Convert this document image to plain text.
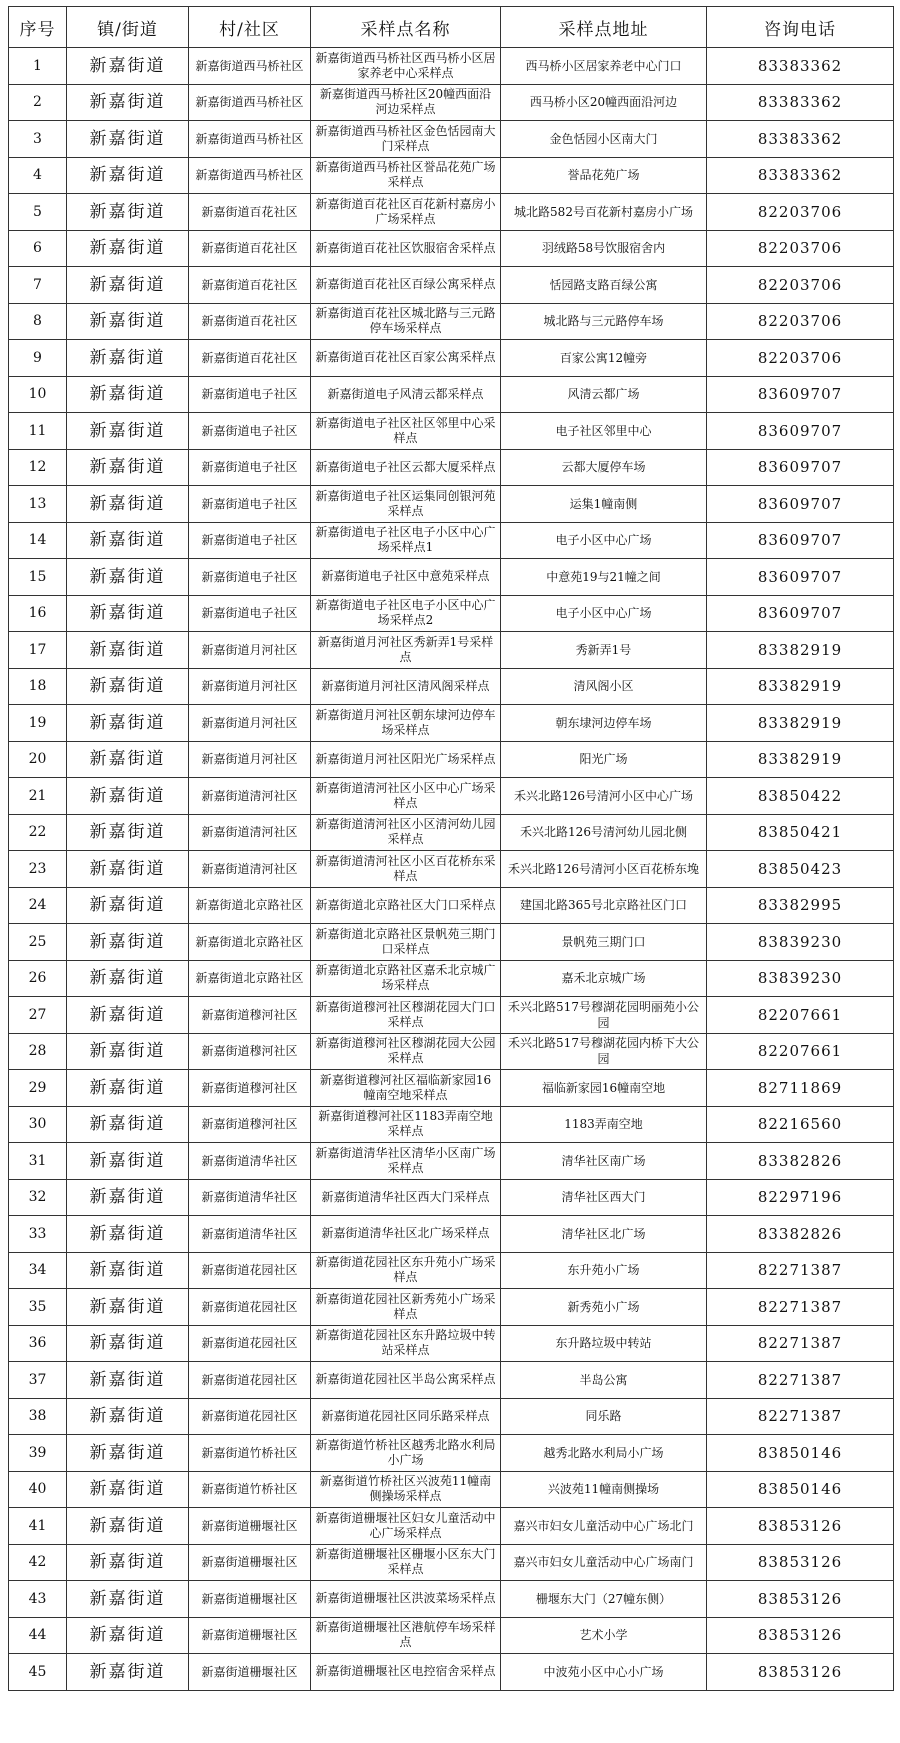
序号	镇/街道	村/社区	采样点名称	采样点地址	咨询电话
1	新嘉街道	新嘉街道西马桥社区	新嘉街道西马桥社区西马桥小区居家养老中心采样点	西马桥小区居家养老中心门口	83383362
2	新嘉街道	新嘉街道西马桥社区	新嘉街道西马桥社区20幢西面沿河边采样点	西马桥小区20幢西面沿河边	83383362
3	新嘉街道	新嘉街道西马桥社区	新嘉街道西马桥社区金色恬园南大门采样点	金色恬园小区南大门	83383362
4	新嘉街道	新嘉街道西马桥社区	新嘉街道西马桥社区誉品花苑广场采样点	誉品花苑广场	83383362
5	新嘉街道	新嘉街道百花社区	新嘉街道百花社区百花新村嘉房小广场采样点	城北路582号百花新村嘉房小广场	82203706
6	新嘉街道	新嘉街道百花社区	新嘉街道百花社区饮服宿舍采样点	羽绒路58号饮服宿舍内	82203706
7	新嘉街道	新嘉街道百花社区	新嘉街道百花社区百绿公寓采样点	恬园路支路百绿公寓	82203706
8	新嘉街道	新嘉街道百花社区	新嘉街道百花社区城北路与三元路停车场采样点	城北路与三元路停车场	82203706
9	新嘉街道	新嘉街道百花社区	新嘉街道百花社区百家公寓采样点	百家公寓12幢旁	82203706
10	新嘉街道	新嘉街道电子社区	新嘉街道电子风清云都采样点	风清云都广场	83609707
11	新嘉街道	新嘉街道电子社区	新嘉街道电子社区社区邻里中心采样点	电子社区邻里中心	83609707
12	新嘉街道	新嘉街道电子社区	新嘉街道电子社区云都大厦采样点	云都大厦停车场	83609707
13	新嘉街道	新嘉街道电子社区	新嘉街道电子社区运集同创银河苑采样点	运集1幢南侧	83609707
14	新嘉街道	新嘉街道电子社区	新嘉街道电子社区电子小区中心广场采样点1	电子小区中心广场	83609707
15	新嘉街道	新嘉街道电子社区	新嘉街道电子社区中意苑采样点	中意苑19与21幢之间	83609707
16	新嘉街道	新嘉街道电子社区	新嘉街道电子社区电子小区中心广场采样点2	电子小区中心广场	83609707
17	新嘉街道	新嘉街道月河社区	新嘉街道月河社区秀新弄1号采样点	秀新弄1号	83382919
18	新嘉街道	新嘉街道月河社区	新嘉街道月河社区清风阁采样点	清风阁小区	83382919
19	新嘉街道	新嘉街道月河社区	新嘉街道月河社区朝东埭河边停车场采样点	朝东埭河边停车场	83382919
20	新嘉街道	新嘉街道月河社区	新嘉街道月河社区阳光广场采样点	阳光广场	83382919
21	新嘉街道	新嘉街道清河社区	新嘉街道清河社区小区中心广场采样点	禾兴北路126号清河小区中心广场	83850422
22	新嘉街道	新嘉街道清河社区	新嘉街道清河社区小区清河幼儿园采样点	禾兴北路126号清河幼儿园北侧	83850421
23	新嘉街道	新嘉街道清河社区	新嘉街道清河社区小区百花桥东采样点	禾兴北路126号清河小区百花桥东堍	83850423
24	新嘉街道	新嘉街道北京路社区	新嘉街道北京路社区大门口采样点	建国北路365号北京路社区门口	83382995
25	新嘉街道	新嘉街道北京路社区	新嘉街道北京路社区景帆苑三期门口采样点	景帆苑三期门口	83839230
26	新嘉街道	新嘉街道北京路社区	新嘉街道北京路社区嘉禾北京城广场采样点	嘉禾北京城广场	83839230
27	新嘉街道	新嘉街道穆河社区	新嘉街道穆河社区穆湖花园大门口采样点	禾兴北路517号穆湖花园明丽苑小公园	82207661
28	新嘉街道	新嘉街道穆河社区	新嘉街道穆河社区穆湖花园大公园采样点	禾兴北路517号穆湖花园内桥下大公园	82207661
29	新嘉街道	新嘉街道穆河社区	新嘉街道穆河社区福临新家园16幢南空地采样点	福临新家园16幢南空地	82711869
30	新嘉街道	新嘉街道穆河社区	新嘉街道穆河社区1183弄南空地采样点	1183弄南空地	82216560
31	新嘉街道	新嘉街道清华社区	新嘉街道清华社区清华小区南广场采样点	清华社区南广场	83382826
32	新嘉街道	新嘉街道清华社区	新嘉街道清华社区西大门采样点	清华社区西大门	82297196
33	新嘉街道	新嘉街道清华社区	新嘉街道清华社区北广场采样点	清华社区北广场	83382826
34	新嘉街道	新嘉街道花园社区	新嘉街道花园社区东升苑小广场采样点	东升苑小广场	82271387
35	新嘉街道	新嘉街道花园社区	新嘉街道花园社区新秀苑小广场采样点	新秀苑小广场	82271387
36	新嘉街道	新嘉街道花园社区	新嘉街道花园社区东升路垃圾中转站采样点	东升路垃圾中转站	82271387
37	新嘉街道	新嘉街道花园社区	新嘉街道花园社区半岛公寓采样点	半岛公寓	82271387
38	新嘉街道	新嘉街道花园社区	新嘉街道花园社区同乐路采样点	同乐路	82271387
39	新嘉街道	新嘉街道竹桥社区	新嘉街道竹桥社区越秀北路水利局小广场	越秀北路水利局小广场	83850146
40	新嘉街道	新嘉街道竹桥社区	新嘉街道竹桥社区兴波苑11幢南侧操场采样点	兴波苑11幢南侧操场	83850146
41	新嘉街道	新嘉街道栅堰社区	新嘉街道栅堰社区妇女儿童活动中心广场采样点	嘉兴市妇女儿童活动中心广场北门	83853126
42	新嘉街道	新嘉街道栅堰社区	新嘉街道栅堰社区栅堰小区东大门采样点	嘉兴市妇女儿童活动中心广场南门	83853126
43	新嘉街道	新嘉街道栅堰社区	新嘉街道栅堰社区洪波菜场采样点	栅堰东大门（27幢东侧）	83853126
44	新嘉街道	新嘉街道栅堰社区	新嘉街道栅堰社区港航停车场采样点	艺术小学	83853126
45	新嘉街道	新嘉街道栅堰社区	新嘉街道栅堰社区电控宿舍采样点	中波苑小区中心小广场	83853126
